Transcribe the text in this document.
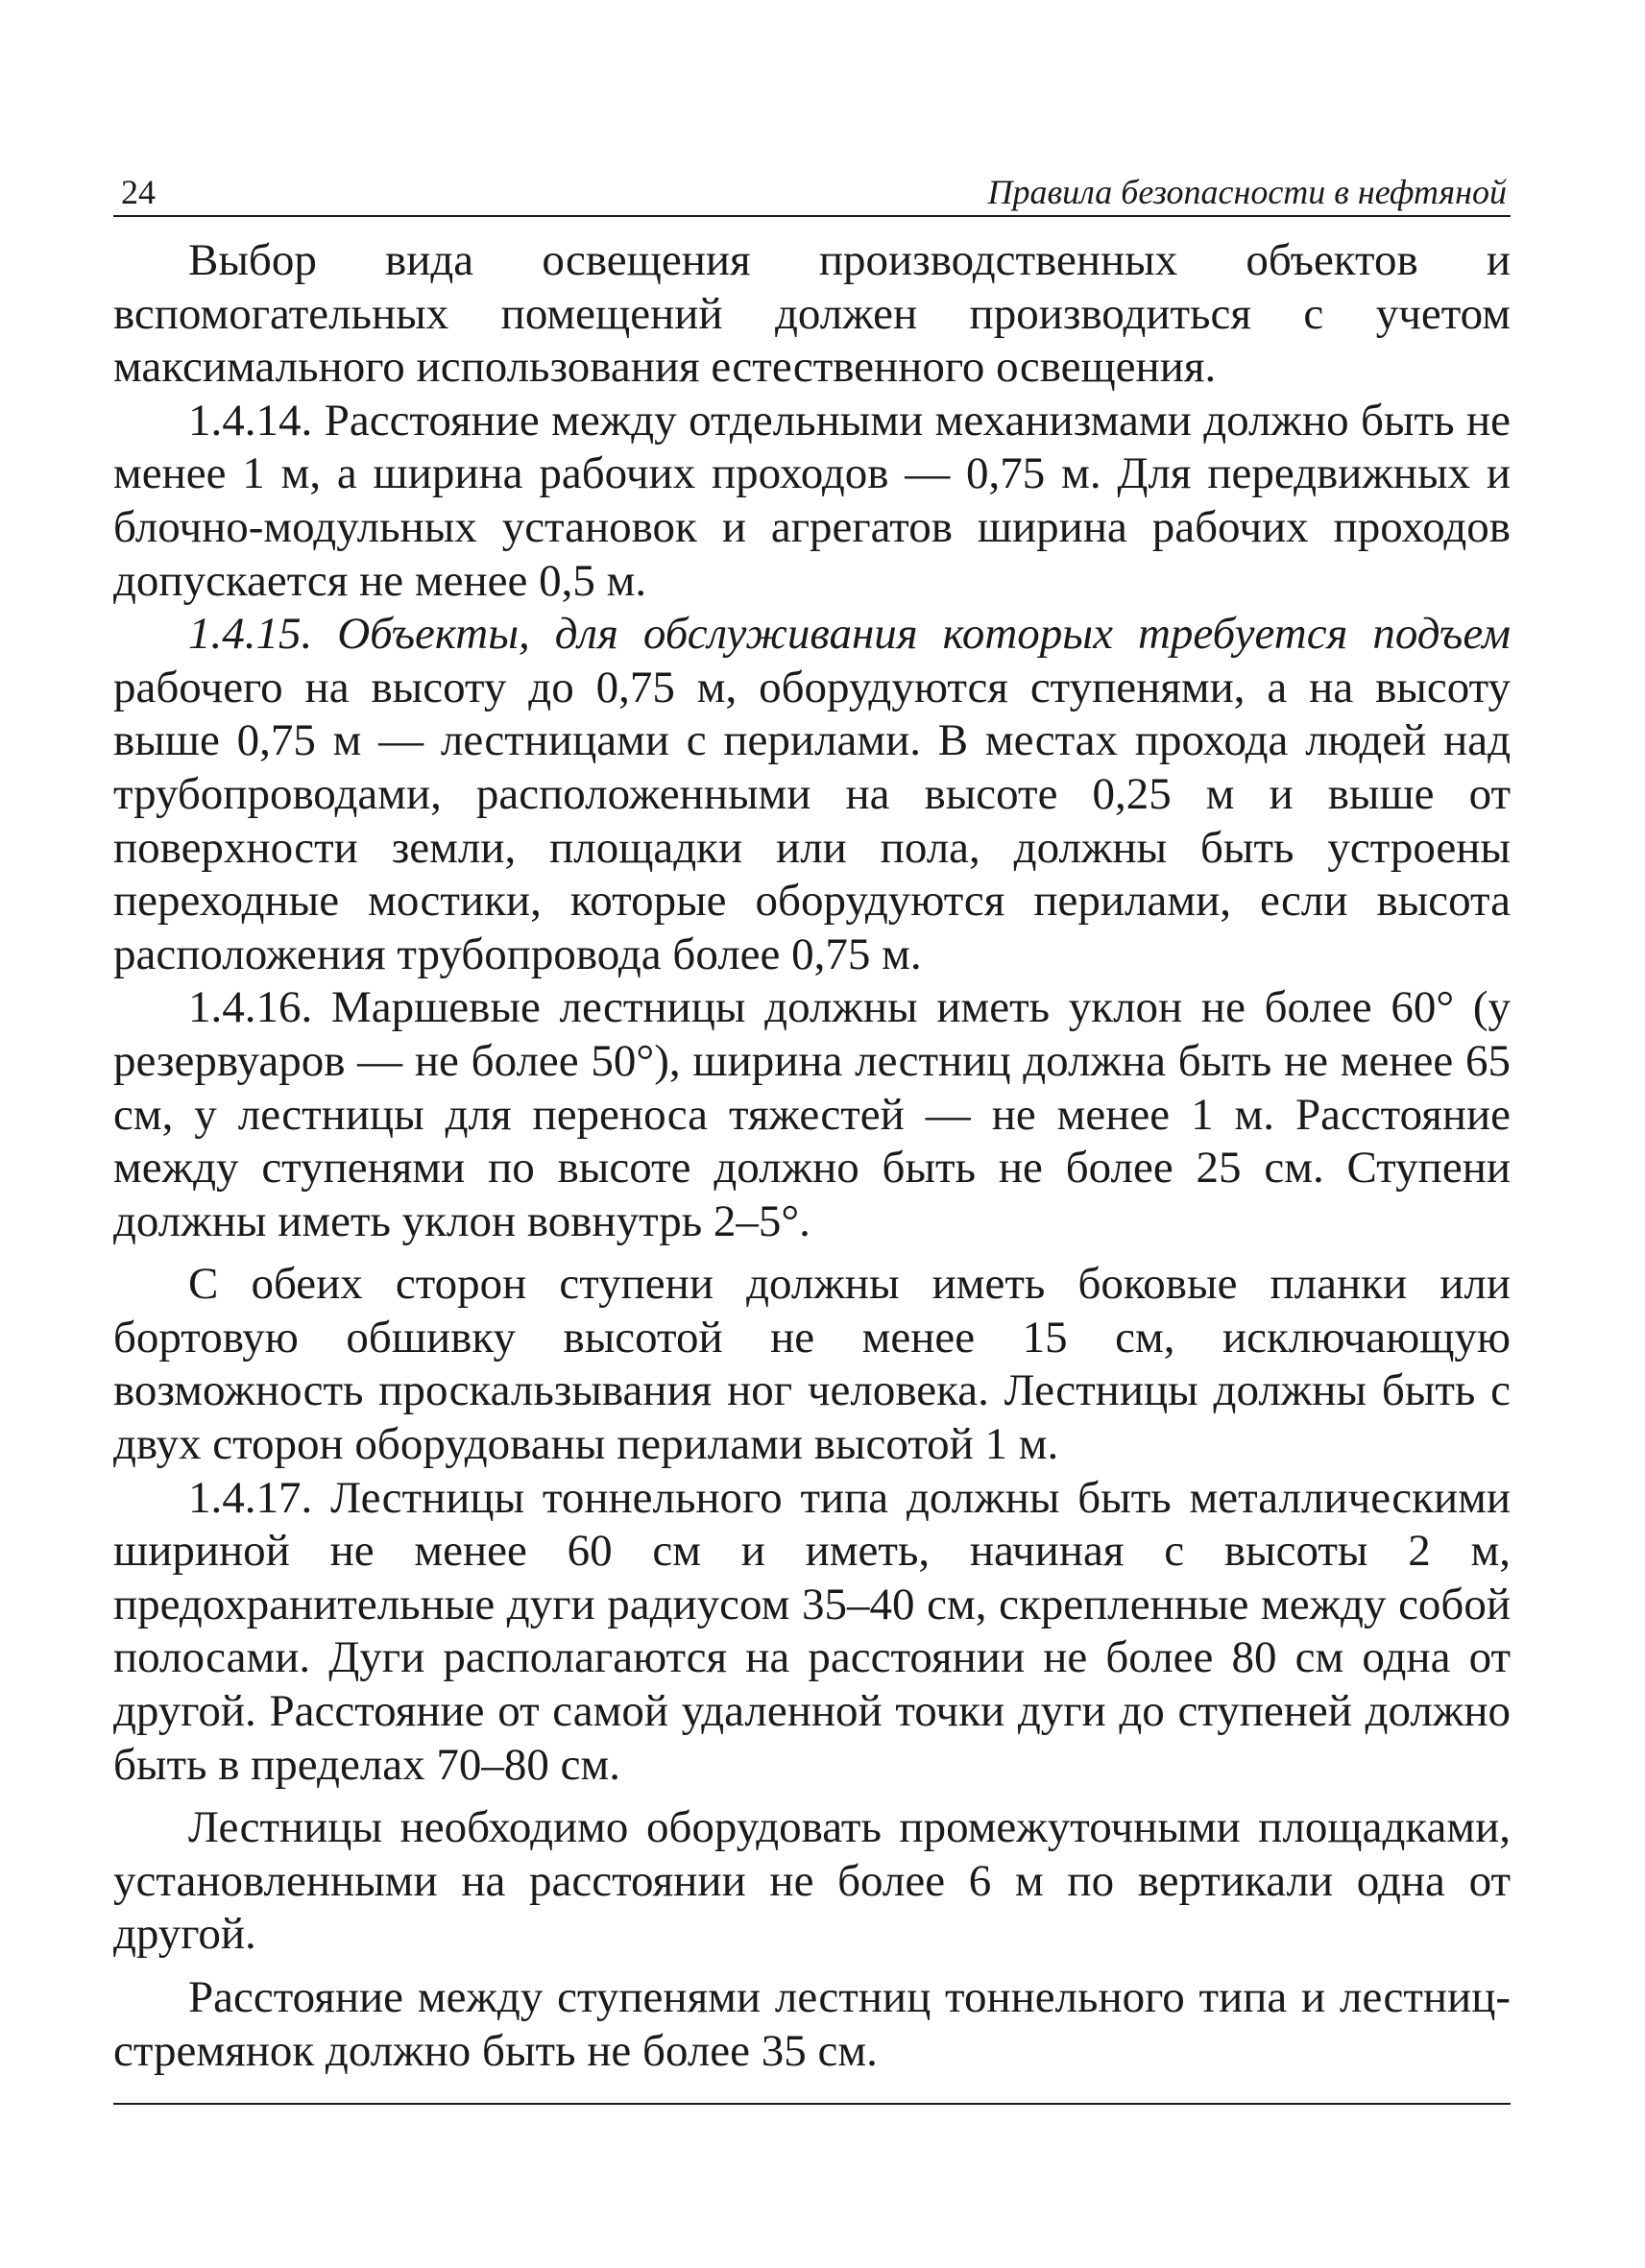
24	Правила безопасности в нефтяной

Выбор вида освещения производственных объектов и вспомогательных помещений должен производиться с учетом максимального использования естественного освещения.

1.4.14. Расстояние между отдельными механизмами должно быть не менее 1 м, а ширина рабочих проходов — 0,75 м. Для передвижных и блочно-модульных установок и агрегатов ширина рабочих проходов допускается не менее 0,5 м.

1.4.15. Объекты, для обслуживания которых требуется подъем рабочего на высоту до 0,75 м, оборудуются ступенями, а на высоту выше 0,75 м — лестницами с перилами. В местах прохода людей над трубопроводами, расположенными на высоте 0,25 м и выше от поверхности земли, площадки или пола, должны быть устроены переходные мостики, которые оборудуются перилами, если высота расположения трубопровода более 0,75 м.

1.4.16. Маршевые лестницы должны иметь уклон не более 60° (у резервуаров — не более 50°), ширина лестниц должна быть не менее 65 см, у лестницы для переноса тяжестей — не менее 1 м. Расстояние между ступенями по высоте должно быть не более 25 см. Ступени должны иметь уклон вовнутрь 2–5°.

С обеих сторон ступени должны иметь боковые планки или бортовую обшивку высотой не менее 15 см, исключающую возможность проскальзывания ног человека. Лестницы должны быть с двух сторон оборудованы перилами высотой 1 м.

1.4.17. Лестницы тоннельного типа должны быть металлическими шириной не менее 60 см и иметь, начиная с высоты 2 м, предохранительные дуги радиусом 35–40 см, скрепленные между собой полосами. Дуги располагаются на расстоянии не более 80 см одна от другой. Расстояние от самой удаленной точки дуги до ступеней должно быть в пределах 70–80 см.

Лестницы необходимо оборудовать промежуточными площадками, установленными на расстоянии не более 6 м по вертикали одна от другой.

Расстояние между ступенями лестниц тоннельного типа и лестниц-стремянок должно быть не более 35 см.
